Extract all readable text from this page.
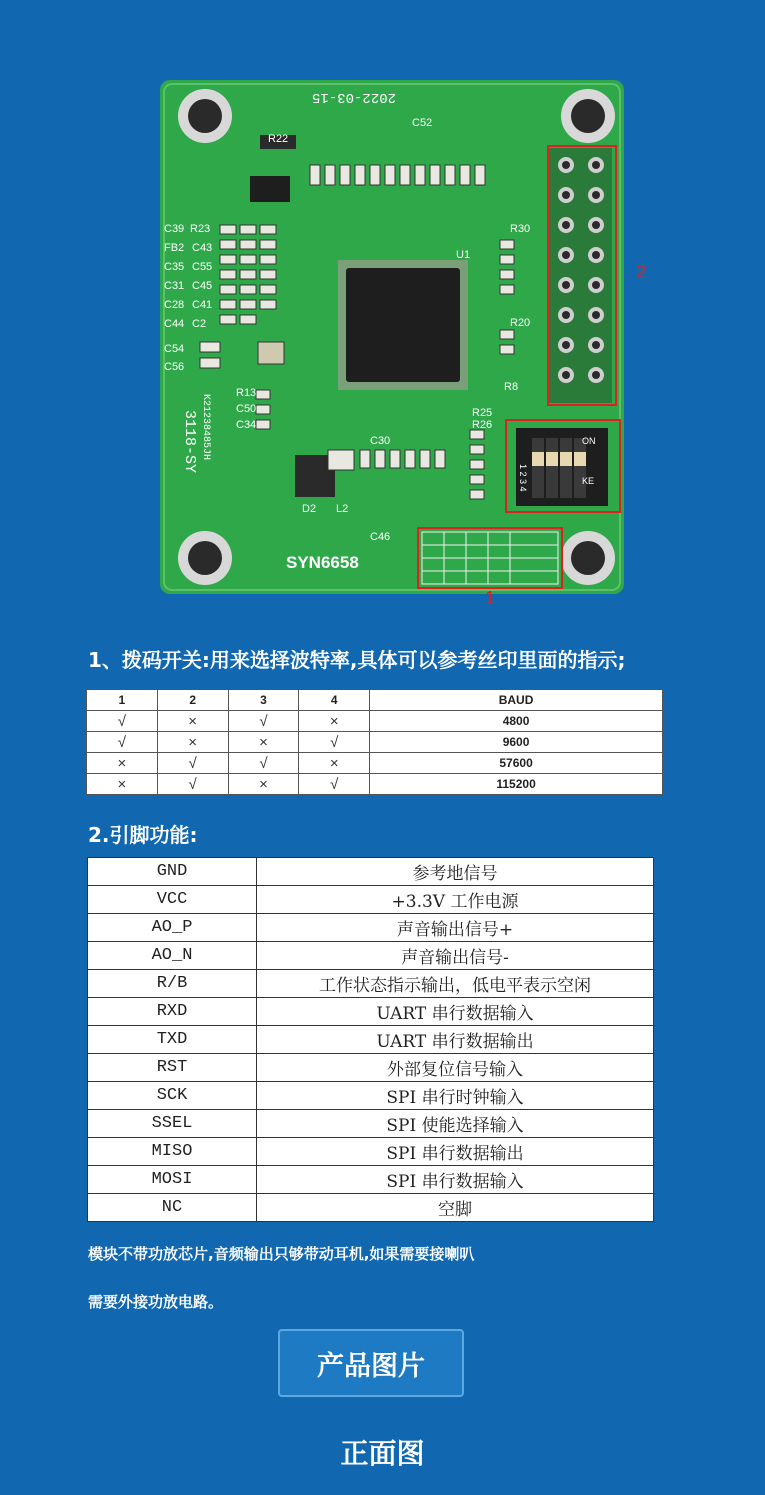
2022-03-15
SYN6658
3118-SY K21238485JH
R22
C52
R30
R20
R25
R26
R13
C50
C34
C30
D2 L2
C46
U1
R8
C39 R23
FB2 C43
C35 C55
C31 C45
C28 C41
C44 C2
C54
C56
ON
KE
1 2 3 4
1
2
1、拨码开关:用来选择波特率,具体可以参考丝印里面的指示;
1	2	3	4	BAUD
√	×	√	×	4800
√	×	×	√	9600
×	√	√	×	57600
×	√	×	√	115200
2.引脚功能:
GND	参考地信号
VCC	+3.3V 工作电源
AO_P	声音输出信号+
AO_N	声音输出信号-
R/B	工作状态指示输出，低电平表示空闲
RXD	UART 串行数据输入
TXD	UART 串行数据输出
RST	外部复位信号输入
SCK	SPI 串行时钟输入
SSEL	SPI 使能选择输入
MISO	SPI 串行数据输出
MOSI	SPI 串行数据输入
NC	空脚
模块不带功放芯片,音频输出只够带动耳机,如果需要接喇叭
需要外接功放电路。
产品图片
正面图
